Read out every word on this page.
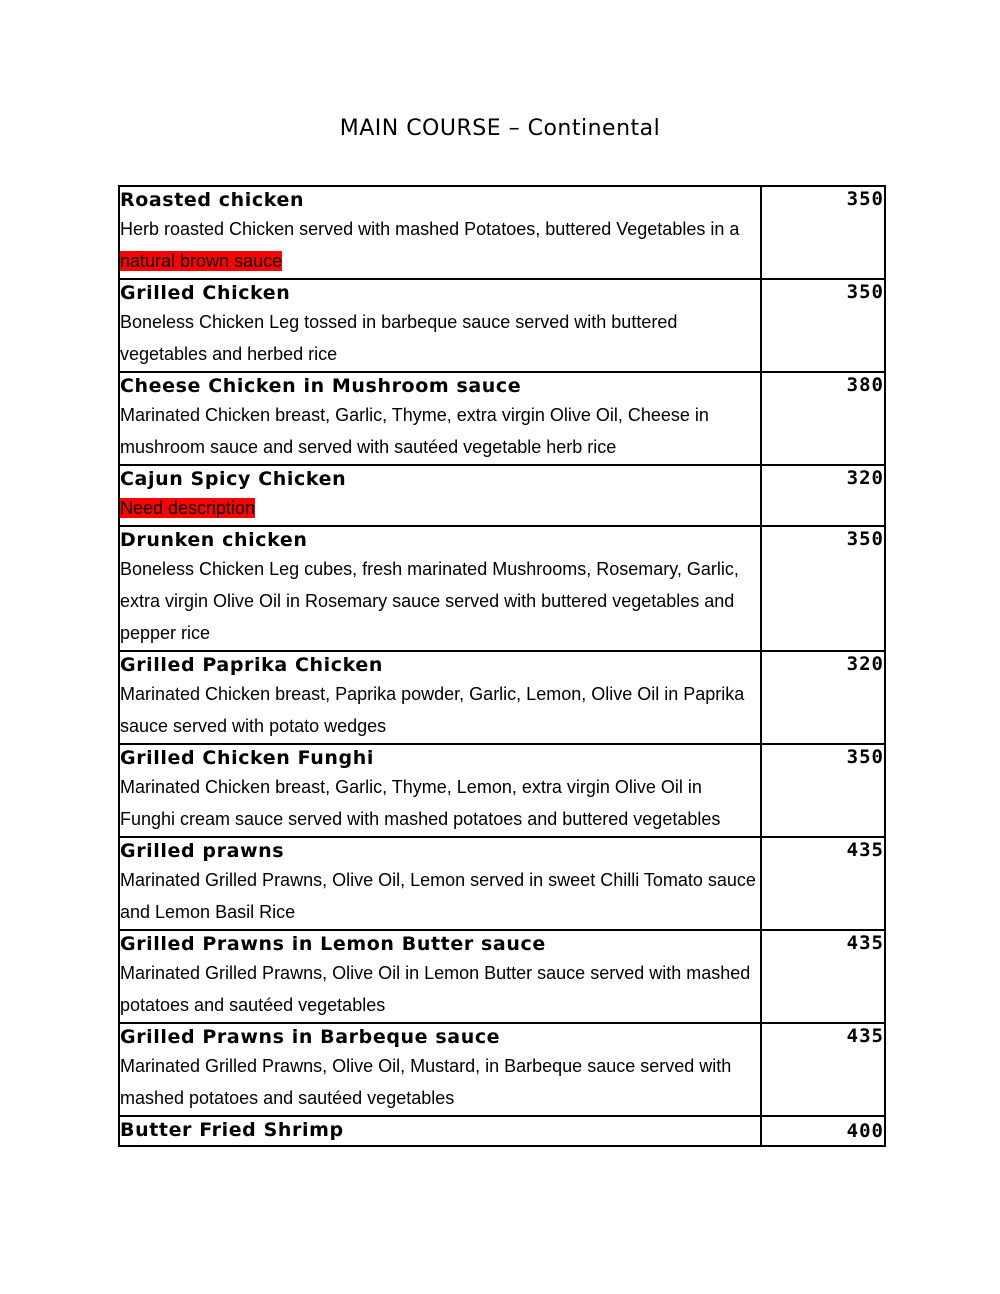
MAIN COURSE – Continental
Roasted chicken
Herb roasted Chicken served with mashed Potatoes, buttered Vegetables in a natural brown sauce	350

Grilled Chicken
Boneless Chicken Leg tossed in barbeque sauce served with buttered vegetables and herbed rice	350

Cheese Chicken in Mushroom sauce
Marinated Chicken breast, Garlic, Thyme, extra virgin Olive Oil, Cheese in mushroom sauce and served with sautéed vegetable herb rice	380

Cajun Spicy Chicken
Need description	320

Drunken chicken
Boneless Chicken Leg cubes, fresh marinated Mushrooms, Rosemary, Garlic, extra virgin Olive Oil in Rosemary sauce served with buttered vegetables and pepper rice	350

Grilled Paprika Chicken
Marinated Chicken breast, Paprika powder, Garlic, Lemon, Olive Oil in Paprika sauce served with potato wedges	320

Grilled Chicken Funghi
Marinated Chicken breast, Garlic, Thyme, Lemon, extra virgin Olive Oil in Funghi cream sauce served with mashed potatoes and buttered vegetables	350

Grilled prawns
Marinated Grilled Prawns, Olive Oil, Lemon served in sweet Chilli Tomato sauce and Lemon Basil Rice	435

Grilled Prawns in Lemon Butter sauce
Marinated Grilled Prawns, Olive Oil in Lemon Butter sauce served with mashed potatoes and sautéed vegetables	435

Grilled Prawns in Barbeque sauce
Marinated Grilled Prawns, Olive Oil, Mustard, in Barbeque sauce served with mashed potatoes and sautéed vegetables	435

Butter Fried Shrimp	400
